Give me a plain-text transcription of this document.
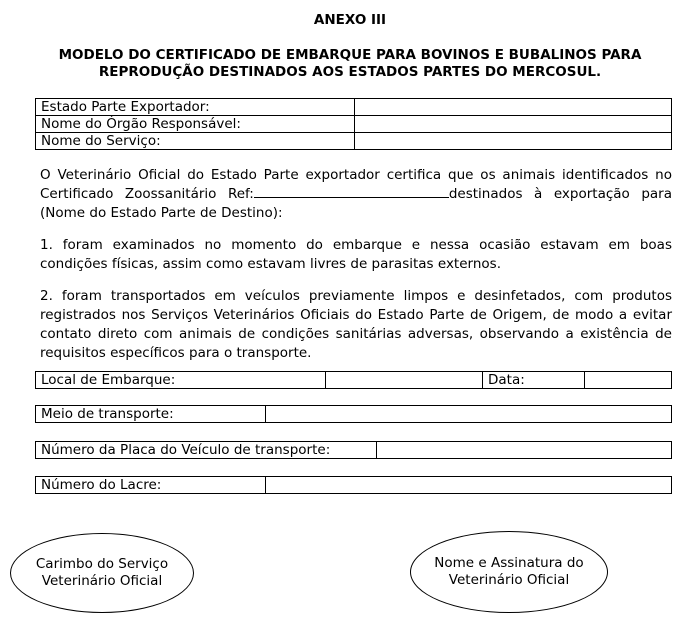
ANEXO III
MODELO DO CERTIFICADO DE EMBARQUE PARA BOVINOS E BUBALINOS PARA REPRODUÇÃO DESTINADOS AOS ESTADOS PARTES DO MERCOSUL.
Estado Parte Exportador:	
Nome do Órgão Responsável:	
Nome do Serviço:	
O Veterinário Oficial do Estado Parte exportador certifica que os animais identificados no Certificado Zoossanitário Ref:	destinados à exportação para (Nome do Estado Parte de Destino):
1. foram examinados no momento do embarque e nessa ocasião estavam em boas condições físicas, assim como estavam livres de parasitas externos.
2. foram transportados em veículos previamente limpos e desinfetados, com produtos registrados nos Serviços Veterinários Oficiais do Estado Parte de Origem, de modo a evitar contato direto com animais de condições sanitárias adversas, observando a existência de requisitos específicos para o transporte.
Local de Embarque:		Data:	
Meio de transporte:	
Número da Placa do Veículo de transporte:	
Número do Lacre:	
Carimbo do Serviço Veterinário Oficial
Nome e Assinatura do Veterinário Oficial
